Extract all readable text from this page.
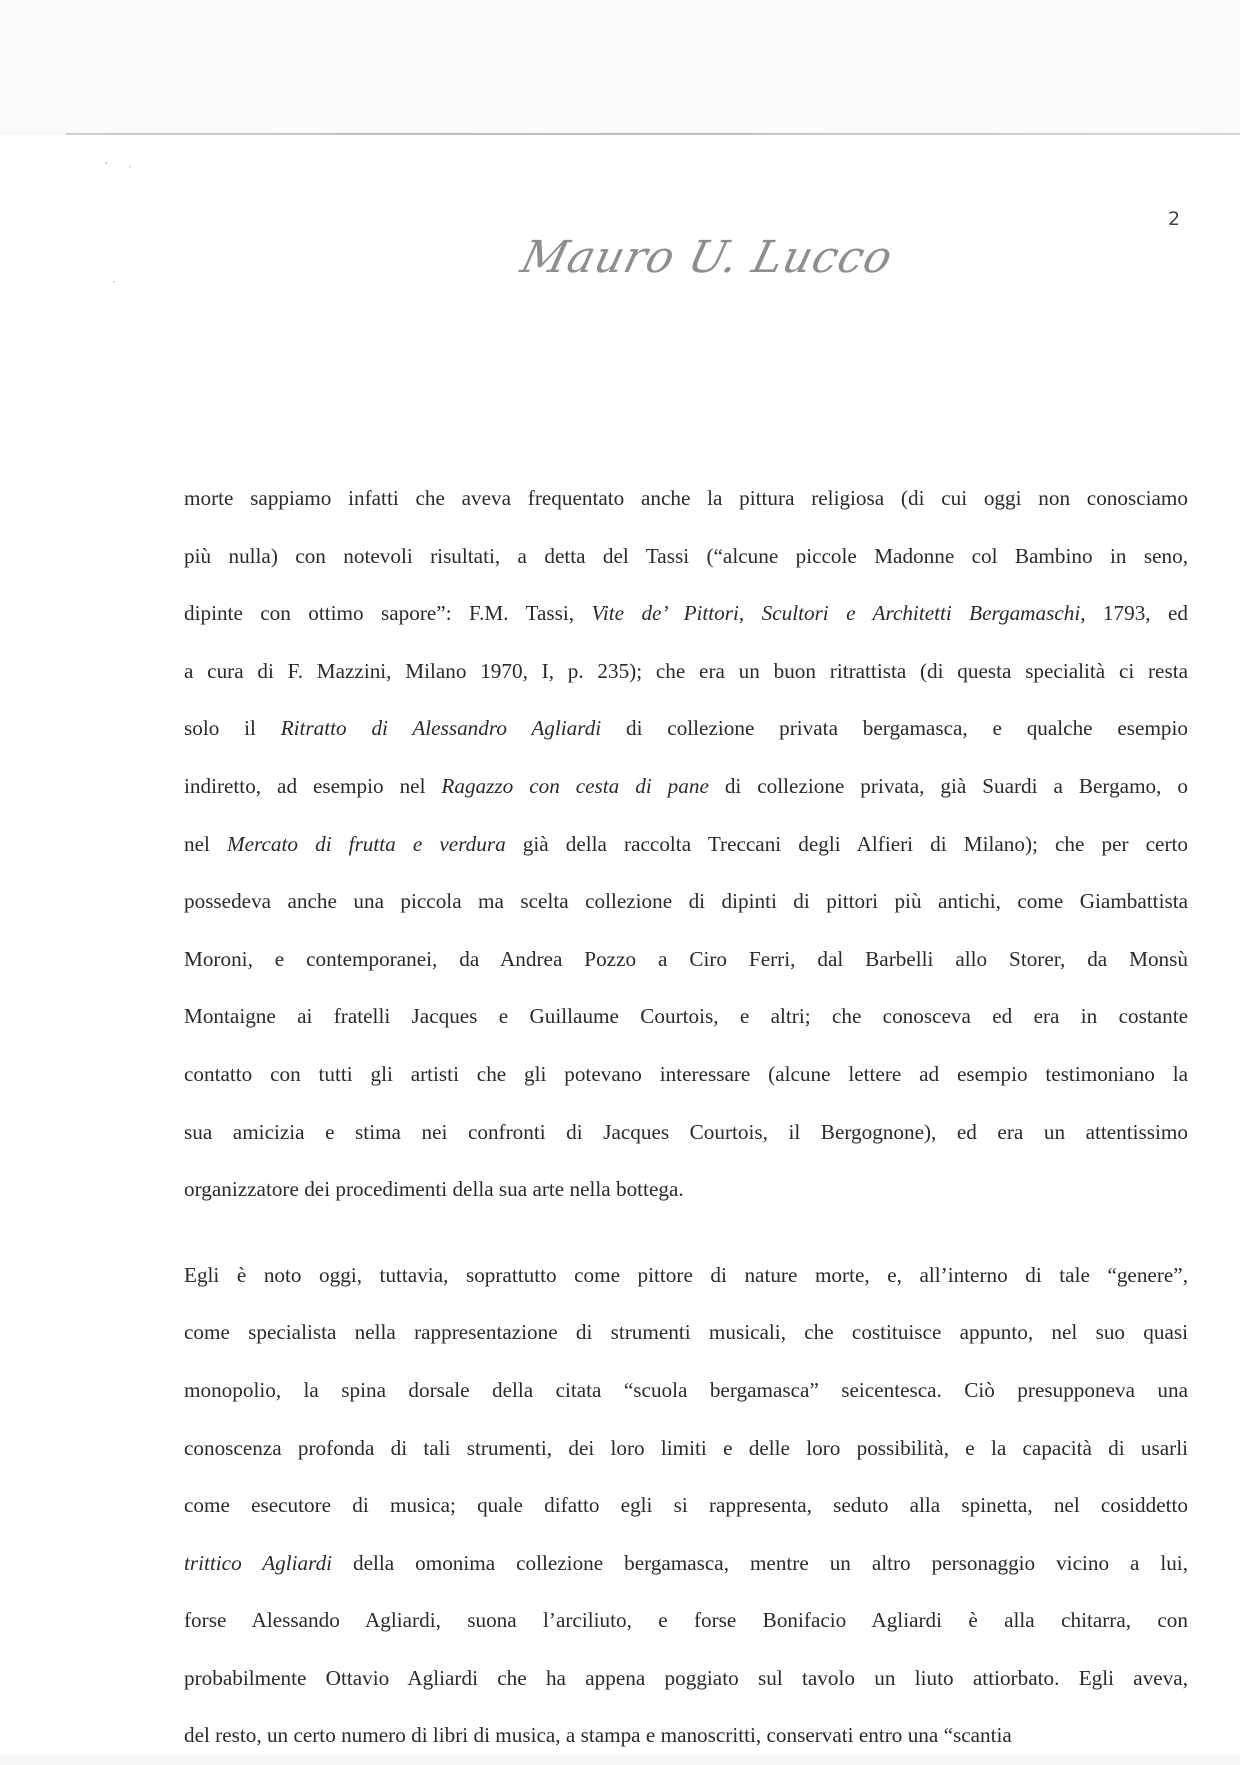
· ·
·
2
Mauro U. Lucco

morte sappiamo infatti che aveva frequentato anche la pittura religiosa (di cui oggi non conosciamo
più nulla) con notevoli risultati, a detta del Tassi (“alcune piccole Madonne col Bambino in seno,
dipinte con ottimo sapore”: F.M. Tassi, Vite de’ Pittori, Scultori e Architetti Bergamaschi, 1793, ed
a cura di F. Mazzini, Milano 1970, I, p. 235); che era un buon ritrattista (di questa specialità ci resta
solo il Ritratto di Alessandro Agliardi di collezione privata bergamasca, e qualche esempio
indiretto, ad esempio nel Ragazzo con cesta di pane di collezione privata, già Suardi a Bergamo, o
nel Mercato di frutta e verdura già della raccolta Treccani degli Alfieri di Milano); che per certo
possedeva anche una piccola ma scelta collezione di dipinti di pittori più antichi, come Giambattista
Moroni, e contemporanei, da Andrea Pozzo a Ciro Ferri, dal Barbelli allo Storer, da Monsù
Montaigne ai fratelli Jacques e Guillaume Courtois, e altri; che conosceva ed era in costante
contatto con tutti gli artisti che gli potevano interessare (alcune lettere ad esempio testimoniano la
sua amicizia e stima nei confronti di Jacques Courtois, il Bergognone), ed era un attentissimo
organizzatore dei procedimenti della sua arte nella bottega.

Egli è noto oggi, tuttavia, soprattutto come pittore di nature morte, e, all’interno di tale “genere”,
come specialista nella rappresentazione di strumenti musicali, che costituisce appunto, nel suo quasi
monopolio, la spina dorsale della citata “scuola bergamasca” seicentesca. Ciò presupponeva una
conoscenza profonda di tali strumenti, dei loro limiti e delle loro possibilità, e la capacità di usarli
come esecutore di musica; quale difatto egli si rappresenta, seduto alla spinetta, nel cosiddetto
trittico Agliardi della omonima collezione bergamasca, mentre un altro personaggio vicino a lui,
forse Alessando Agliardi, suona l’arciliuto, e forse Bonifacio Agliardi è alla chitarra, con
probabilmente Ottavio Agliardi che ha appena poggiato sul tavolo un liuto attiorbato. Egli aveva,
del resto, un certo numero di libri di musica, a stampa e manoscritti, conservati entro una “scantia
